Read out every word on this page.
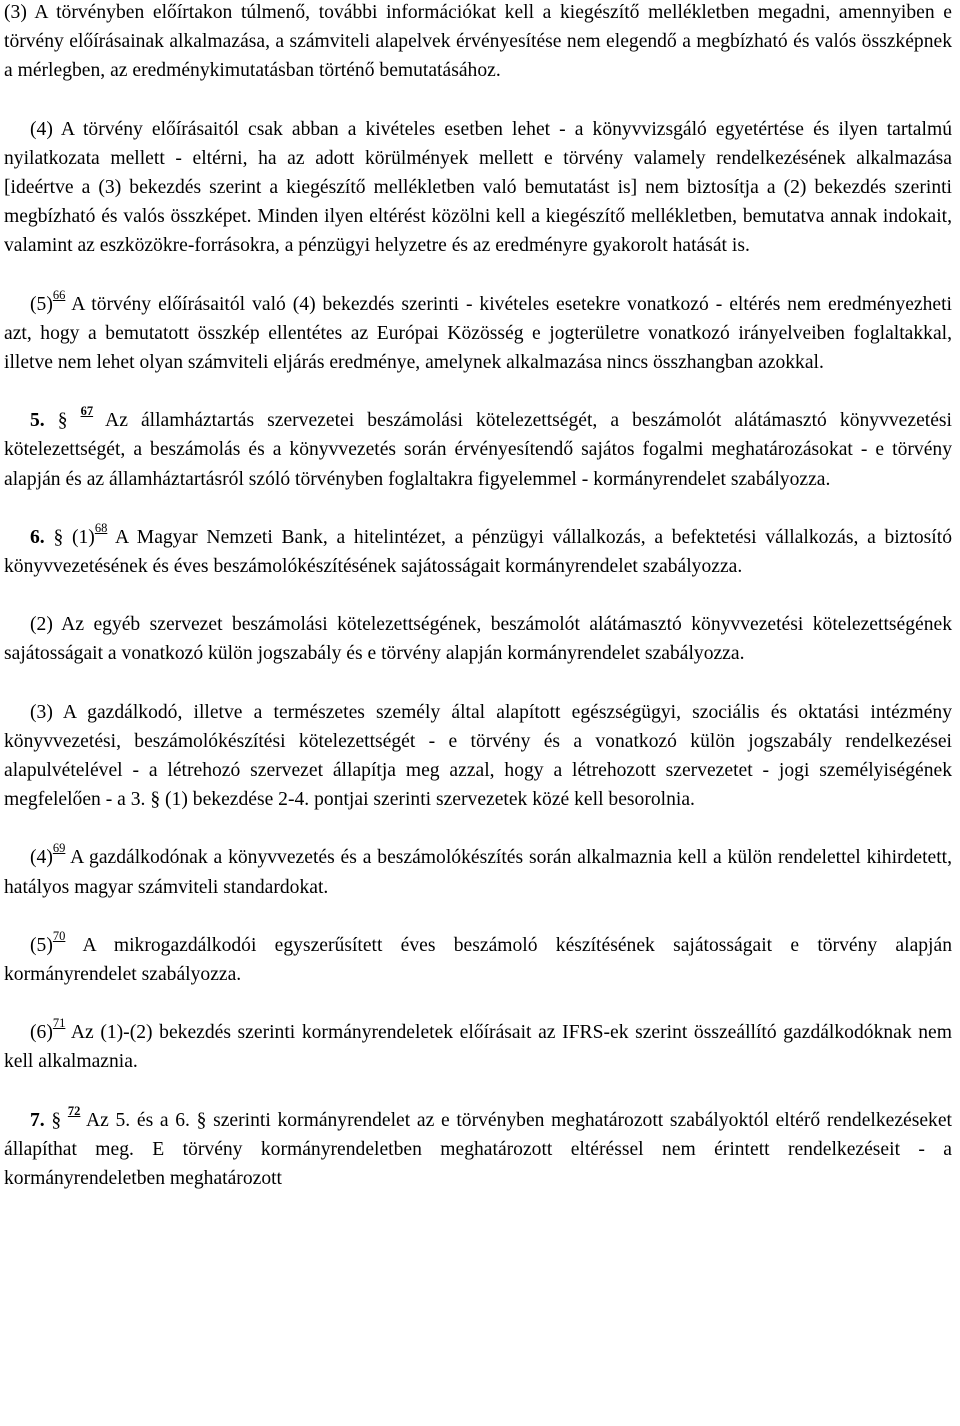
(3) A törvényben előírtakon túlmenő, további információkat kell a kiegészítő mellékletben megadni, amennyiben e törvény előírásainak alkalmazása, a számviteli alapelvek érvényesítése nem elegendő a megbízható és valós összképnek a mérlegben, az eredménykimutatásban történő bemutatásához.

(4) A törvény előírásaitól csak abban a kivételes esetben lehet - a könyvvizsgáló egyetértése és ilyen tartalmú nyilatkozata mellett - eltérni, ha az adott körülmények mellett e törvény valamely rendelkezésének alkalmazása [ideértve a (3) bekezdés szerint a kiegészítő mellékletben való bemutatást is] nem biztosítja a (2) bekezdés szerinti megbízható és valós összképet. Minden ilyen eltérést közölni kell a kiegészítő mellékletben, bemutatva annak indokait, valamint az eszközökre-forrásokra, a pénzügyi helyzetre és az eredményre gyakorolt hatását is.

(5)$^{66}$ A törvény előírásaitól való (4) bekezdés szerinti - kivételes esetekre vonatkozó - eltérés nem eredményezheti azt, hogy a bemutatott összkép ellentétes az Európai Közösség e jogterületre vonatkozó irányelveiben foglaltakkal, illetve nem lehet olyan számviteli eljárás eredménye, amelynek alkalmazása nincs összhangban azokkal.

5. § $^{67}$ Az államháztartás szervezetei beszámolási kötelezettségét, a beszámolót alátámasztó könyvvezetési kötelezettségét, a beszámolás és a könyvvezetés során érvényesítendő sajátos fogalmi meghatározásokat - e törvény alapján és az államháztartásról szóló törvényben foglaltakra figyelemmel - kormányrendelet szabályozza.

6. § (1)$^{68}$ A Magyar Nemzeti Bank, a hitelintézet, a pénzügyi vállalkozás, a befektetési vállalkozás, a biztosító könyvvezetésének és éves beszámolókészítésének sajátosságait kormányrendelet szabályozza.

(2) Az egyéb szervezet beszámolási kötelezettségének, beszámolót alátámasztó könyvvezetési kötelezettségének sajátosságait a vonatkozó külön jogszabály és e törvény alapján kormányrendelet szabályozza.

(3) A gazdálkodó, illetve a természetes személy által alapított egészségügyi, szociális és oktatási intézmény könyvvezetési, beszámolókészítési kötelezettségét - e törvény és a vonatkozó külön jogszabály rendelkezései alapulvételével - a létrehozó szervezet állapítja meg azzal, hogy a létrehozott szervezetet - jogi személyiségének megfelelően - a 3. § (1) bekezdése 2-4. pontjai szerinti szervezetek közé kell besorolnia.

(4)$^{69}$ A gazdálkodónak a könyvvezetés és a beszámolókészítés során alkalmaznia kell a külön rendelettel kihirdetett, hatályos magyar számviteli standardokat.

(5)$^{70}$ A mikrogazdálkodói egyszerűsített éves beszámoló készítésének sajátosságait e törvény alapján kormányrendelet szabályozza.

(6)$^{71}$ Az (1)-(2) bekezdés szerinti kormányrendeletek előírásait az IFRS-ek szerint összeállító gazdálkodóknak nem kell alkalmaznia.

7. § $^{72}$ Az 5. és a 6. § szerinti kormányrendelet az e törvényben meghatározott szabályoktól eltérő rendelkezéseket állapíthat meg. E törvény kormányrendeletben meghatározott eltéréssel nem érintett rendelkezéseit - a kormányrendeletben meghatározott
